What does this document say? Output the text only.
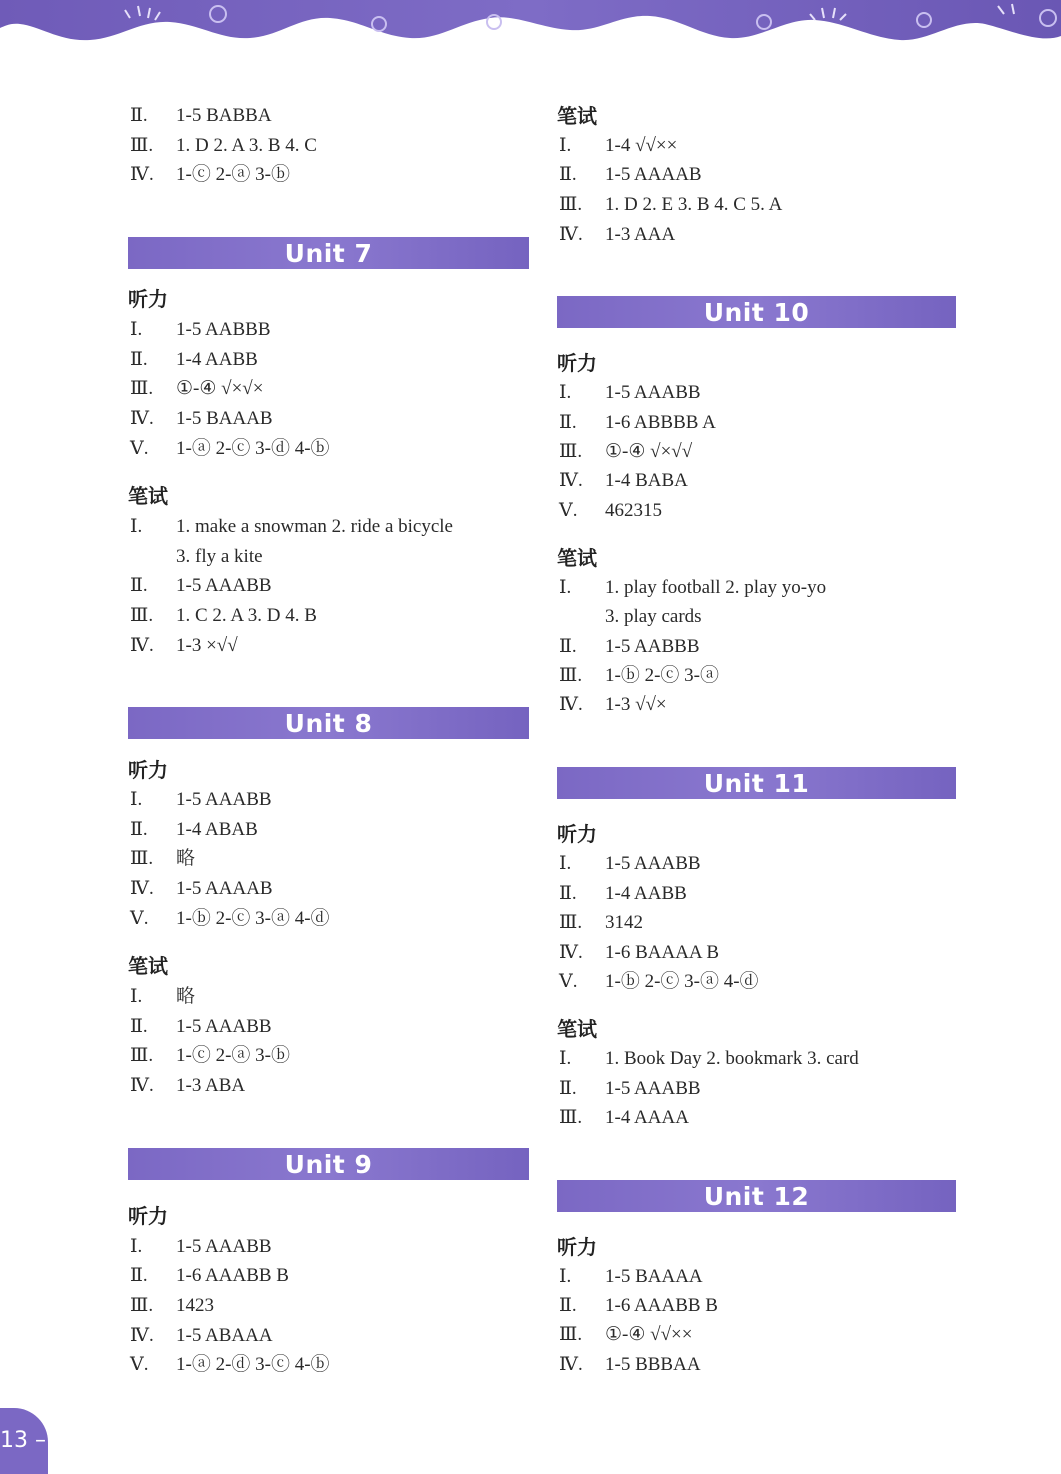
Ⅱ. 1-5 BABBA
Ⅲ. 1. D 2. A 3. B 4. C
Ⅳ. 1-ⓒ 2-ⓐ 3-ⓑ
Unit 7
听力
Ⅰ. 1-5 AABBB
Ⅱ. 1-4 AABB
Ⅲ. ①-④ √×√×
Ⅳ. 1-5 BAAAB
Ⅴ. 1-ⓐ 2-ⓒ 3-ⓓ 4-ⓑ
笔试
Ⅰ. 1. make a snowman 2. ride a bicycle
3. fly a kite
Ⅱ. 1-5 AAABB
Ⅲ. 1. C 2. A 3. D 4. B
Ⅳ. 1-3 ×√√
Unit 8
听力
Ⅰ. 1-5 AAABB
Ⅱ. 1-4 ABAB
Ⅲ. 略
Ⅳ. 1-5 AAAAB
Ⅴ. 1-ⓑ 2-ⓒ 3-ⓐ 4-ⓓ
笔试
Ⅰ. 略
Ⅱ. 1-5 AAABB
Ⅲ. 1-ⓒ 2-ⓐ 3-ⓑ
Ⅳ. 1-3 ABA
Unit 9
听力
Ⅰ. 1-5 AAABB
Ⅱ. 1-6 AAABB B
Ⅲ. 1423
Ⅳ. 1-5 ABAAA
Ⅴ. 1-ⓐ 2-ⓓ 3-ⓒ 4-ⓑ
笔试
Ⅰ. 1-4 √√××
Ⅱ. 1-5 AAAAB
Ⅲ. 1. D 2. E 3. B 4. C 5. A
Ⅳ. 1-3 AAA
Unit 10
听力
Ⅰ. 1-5 AAABB
Ⅱ. 1-6 ABBBB A
Ⅲ. ①-④ √×√√
Ⅳ. 1-4 BABA
Ⅴ. 462315
笔试
Ⅰ. 1. play football 2. play yo-yo
3. play cards
Ⅱ. 1-5 AABBB
Ⅲ. 1-ⓑ 2-ⓒ 3-ⓐ
Ⅳ. 1-3 √√×
Unit 11
听力
Ⅰ. 1-5 AAABB
Ⅱ. 1-4 AABB
Ⅲ. 3142
Ⅳ. 1-6 BAAAA B
Ⅴ. 1-ⓑ 2-ⓒ 3-ⓐ 4-ⓓ
笔试
Ⅰ. 1. Book Day 2. bookmark 3. card
Ⅱ. 1-5 AAABB
Ⅲ. 1-4 AAAA
Unit 12
听力
Ⅰ. 1-5 BAAAA
Ⅱ. 1-6 AAABB B
Ⅲ. ①-④ √√××
Ⅳ. 1-5 BBBAA
13 –
